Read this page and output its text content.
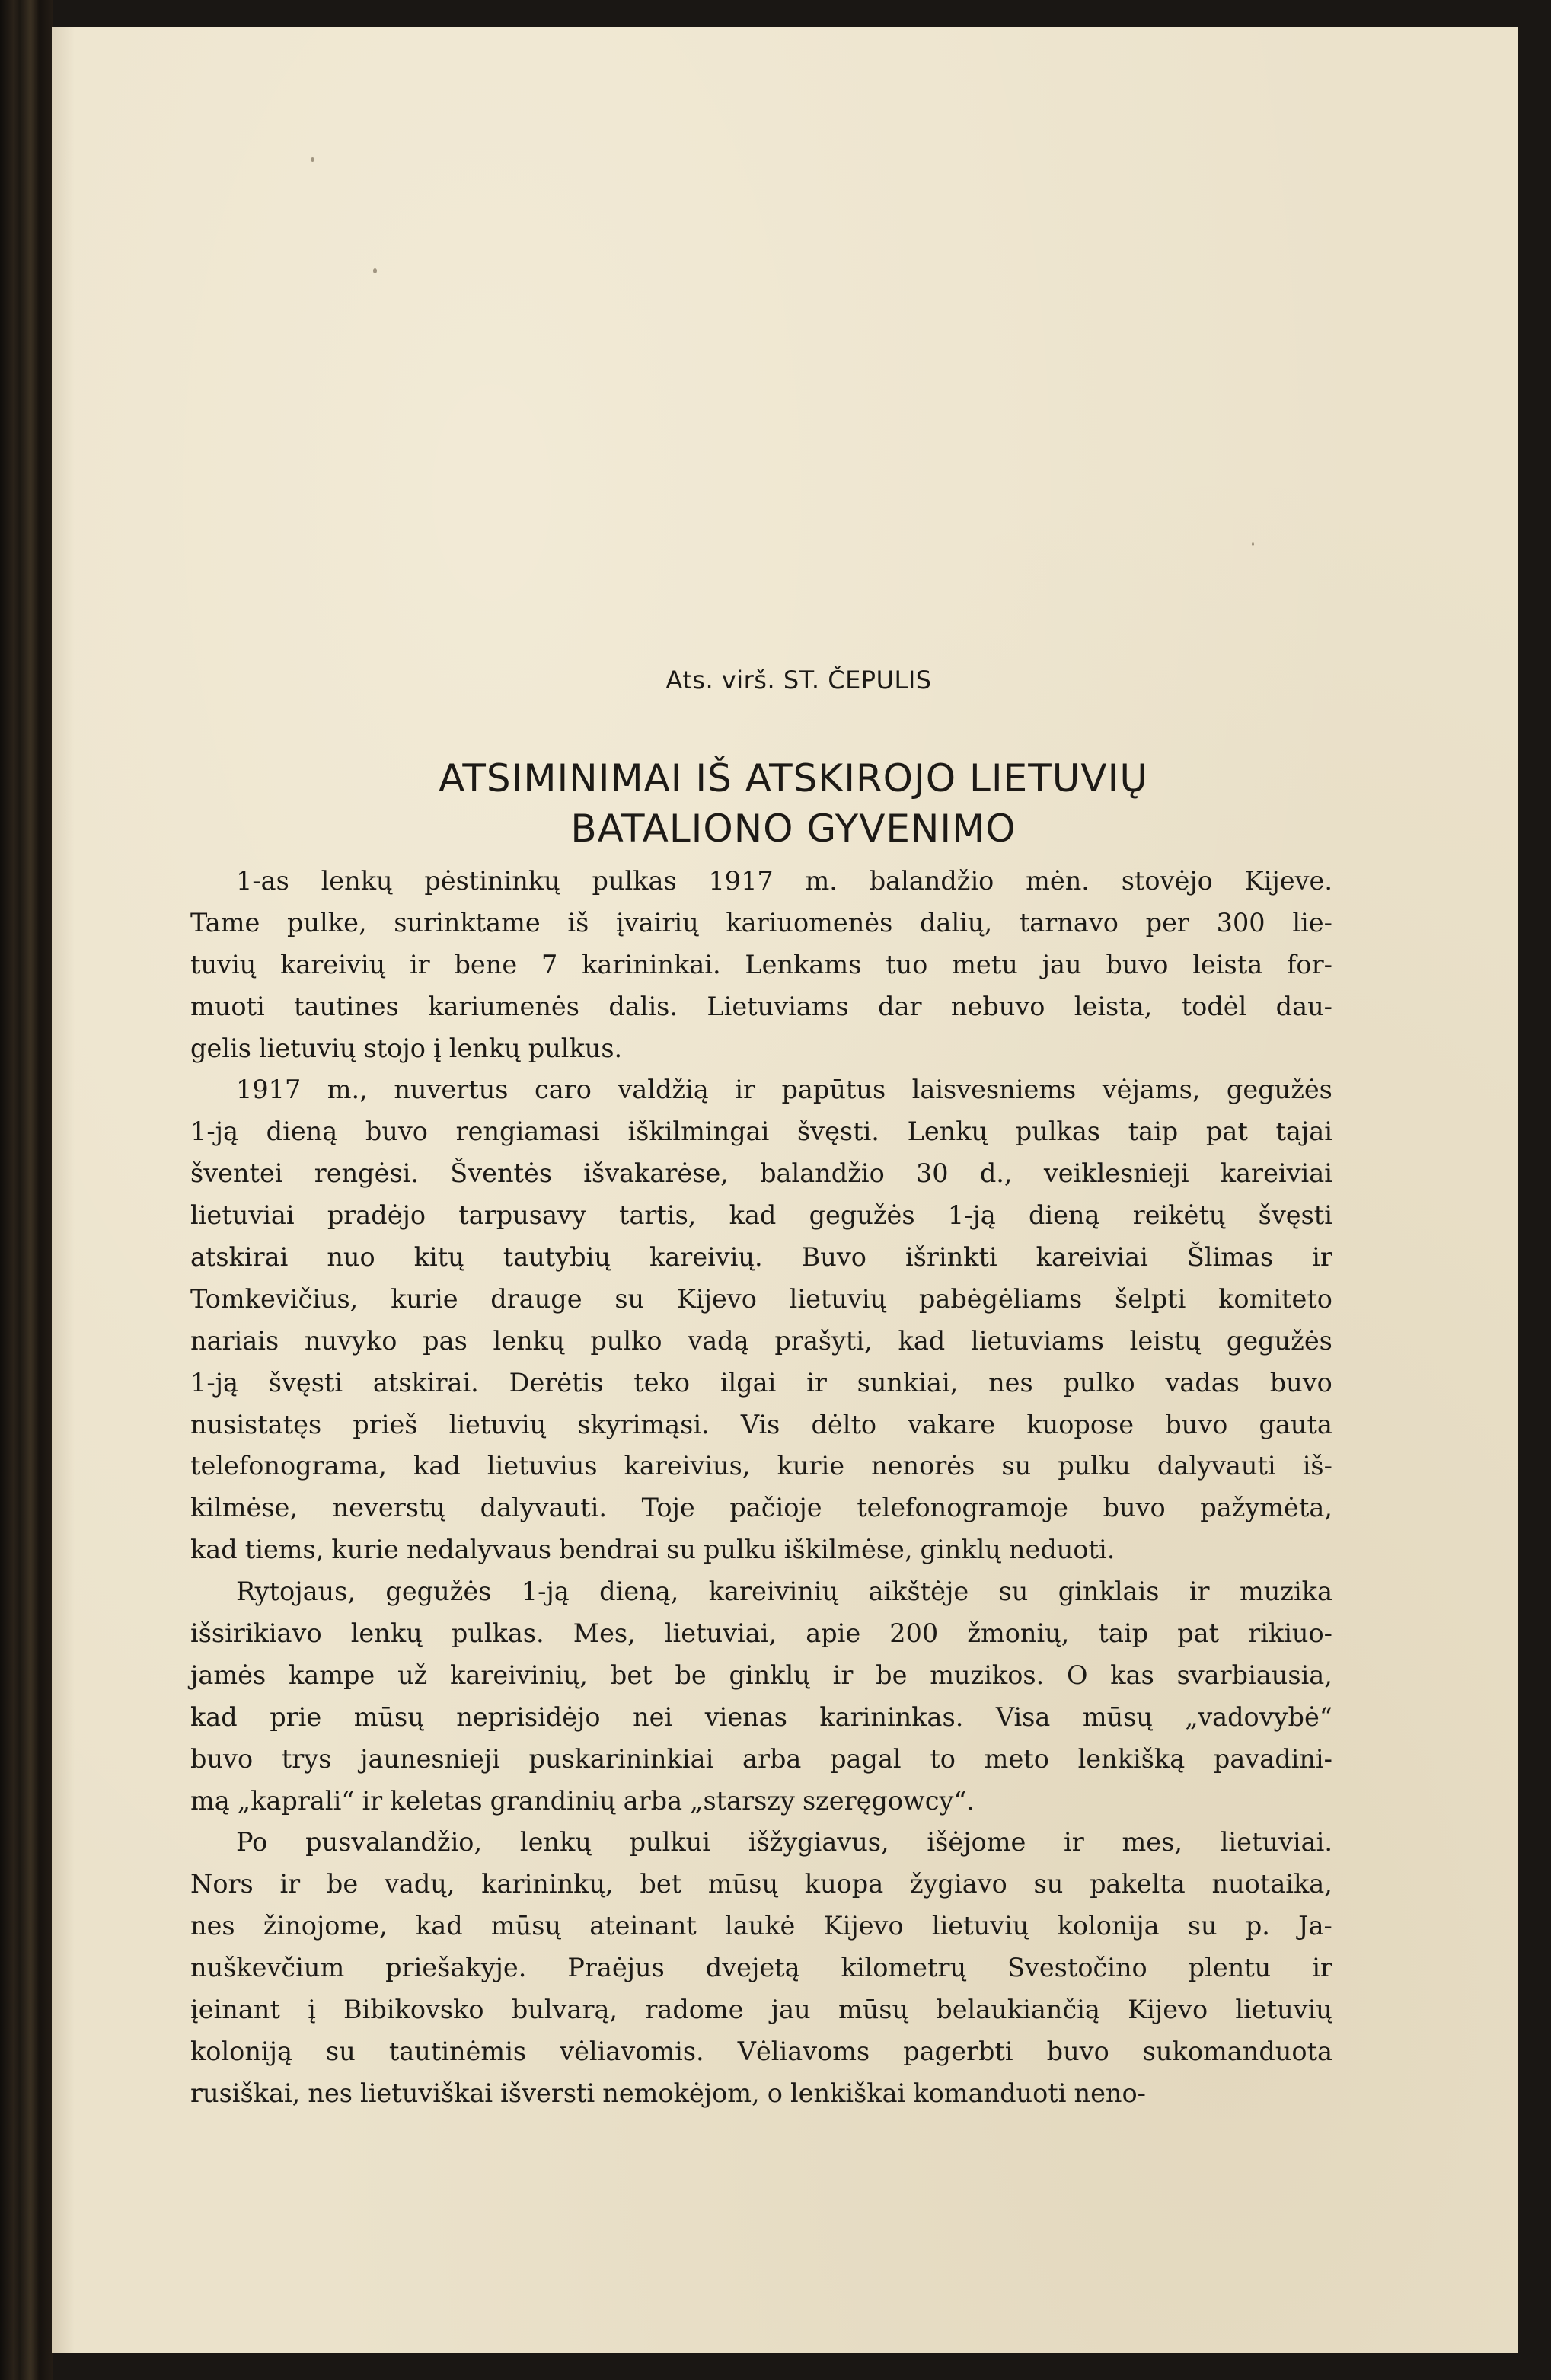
Ats. virš. ST. ČEPULIS
ATSIMINIMAI IŠ ATSKIROJO LIETUVIŲ
BATALIONO GYVENIMO
1-as lenkų pėstininkų pulkas 1917 m. balandžio mėn. stovėjo Kijeve.
Tame pulke, surinktame iš įvairių kariuomenės dalių, tarnavo per 300 lie-
tuvių kareivių ir bene 7 karininkai. Lenkams tuo metu jau buvo leista for-
muoti tautines kariumenės dalis. Lietuviams dar nebuvo leista, todėl dau-
gelis lietuvių stojo į lenkų pulkus.
1917 m., nuvertus caro valdžią ir papūtus laisvesniems vėjams, gegužės
1-ją dieną buvo rengiamasi iškilmingai švęsti. Lenkų pulkas taip pat tajai
šventei rengėsi. Šventės išvakarėse, balandžio 30 d., veiklesnieji kareiviai
lietuviai pradėjo tarpusavy tartis, kad gegužės 1-ją dieną reikėtų švęsti
atskirai nuo kitų tautybių kareivių. Buvo išrinkti kareiviai Šlimas ir
Tomkevičius, kurie drauge su Kijevo lietuvių pabėgėliams šelpti komiteto
nariais nuvyko pas lenkų pulko vadą prašyti, kad lietuviams leistų gegužės
1-ją švęsti atskirai. Derėtis teko ilgai ir sunkiai, nes pulko vadas buvo
nusistatęs prieš lietuvių skyrimąsi. Vis dėlto vakare kuopose buvo gauta
telefonograma, kad lietuvius kareivius, kurie nenorės su pulku dalyvauti iš-
kilmėse, neverstų dalyvauti. Toje pačioje telefonogramoje buvo pažymėta,
kad tiems, kurie nedalyvaus bendrai su pulku iškilmėse, ginklų neduoti.
Rytojaus, gegužės 1-ją dieną, kareivinių aikštėje su ginklais ir muzika
išsirikiavo lenkų pulkas. Mes, lietuviai, apie 200 žmonių, taip pat rikiuo-
jamės kampe už kareivinių, bet be ginklų ir be muzikos. O kas svarbiausia,
kad prie mūsų neprisidėjo nei vienas karininkas. Visa mūsų „vadovybė“
buvo trys jaunesnieji puskarininkiai arba pagal to meto lenkišką pavadini-
mą „kaprali“ ir keletas grandinių arba „starszy szeręgowcy“.
Po pusvalandžio, lenkų pulkui išžygiavus, išėjome ir mes, lietuviai.
Nors ir be vadų, karininkų, bet mūsų kuopa žygiavo su pakelta nuotaika,
nes žinojome, kad mūsų ateinant laukė Kijevo lietuvių kolonija su p. Ja-
nuškevčium priešakyje. Praėjus dvejetą kilometrų Svestočino plentu ir
įeinant į Bibikovsko bulvarą, radome jau mūsų belaukiančią Kijevo lietuvių
koloniją su tautinėmis vėliavomis. Vėliavoms pagerbti buvo sukomanduota
rusiškai, nes lietuviškai išversti nemokėjom, o lenkiškai komanduoti neno-
